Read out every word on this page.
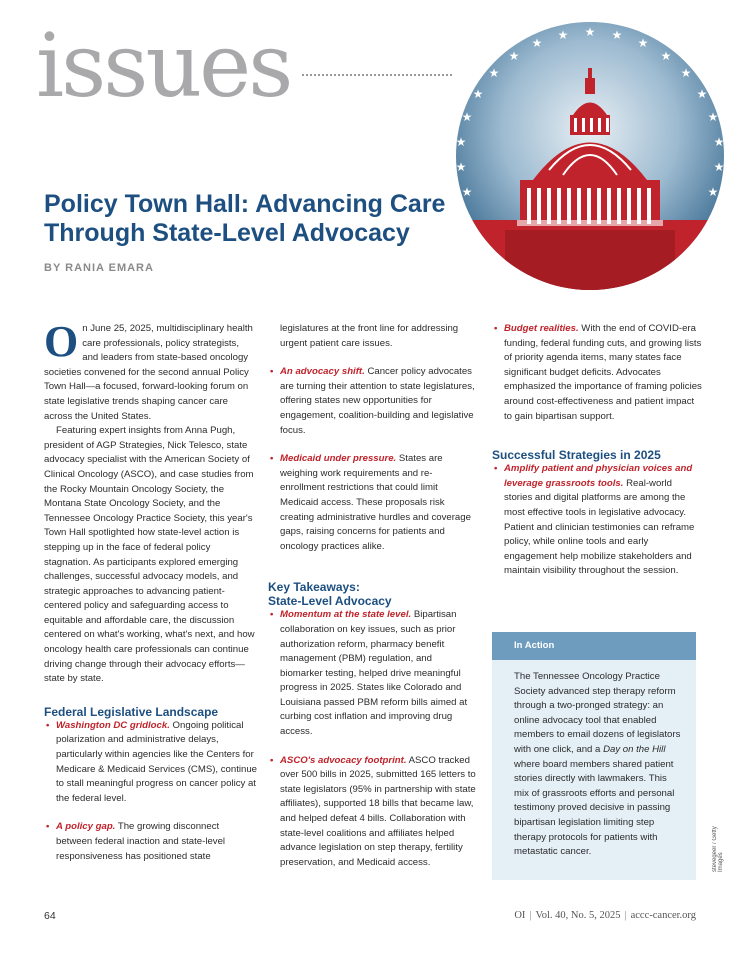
issues	★ ★
★
★
★
★
★
★
★
★
★
★
★
★
★
★
★
★
★
Policy Town Hall: Advancing Care Through State-Level Advocacy
BY RANIA EMARA

On June 25, 2025, multidisciplinary health care professionals, policy strategists, and leaders from state-based oncology societies convened for the second annual Policy Town Hall—a focused, forward-looking forum on state legislative trends shaping cancer care across the United States.

Featuring expert insights from Anna Pugh, president of AGP Strategies, Nick Telesco, state advocacy specialist with the American Society of Clinical Oncology (ASCO), and case studies from the Rocky Mountain Oncology Society, the Montana State Oncology Society, and the Tennessee Oncology Practice Society, this year's Town Hall spotlighted how state-level action is stepping up in the face of federal policy stagnation. As participants explored emerging challenges, successful advocacy models, and strategic approaches to advancing patient-centered policy and safeguarding access to equitable and affordable care, the discussion centered on what's working, what's next, and how oncology health care professionals can continue driving change through their advocacy efforts—state by state.

Federal Legislative Landscape
• Washington DC gridlock. Ongoing political polarization and administrative delays, particularly within agencies like the Centers for Medicare & Medicaid Services (CMS), continue to stall meaningful progress on cancer policy at the federal level.
• A policy gap. The growing disconnect between federal inaction and state-level responsiveness has positioned state

legislatures at the front line for addressing urgent patient care issues.

• An advocacy shift. Cancer policy advocates are turning their attention to state legislatures, offering states new opportunities for engagement, coalition-building and legislative focus.
• Medicaid under pressure. States are weighing work requirements and re-enrollment restrictions that could limit Medicaid access. These proposals risk creating administrative hurdles and coverage gaps, raising concerns for patients and oncology practices alike.
Key Takeaways:
State-Level Advocacy
• Momentum at the state level. Bipartisan collaboration on key issues, such as prior authorization reform, pharmacy benefit management (PBM) regulation, and biomarker testing, helped drive meaningful progress in 2025. States like Colorado and Louisiana passed PBM reform bills aimed at curbing cost inflation and improving drug access.
• ASCO's advocacy footprint. ASCO tracked over 500 bills in 2025, submitted 165 letters to state legislators (95% in partnership with state affiliates), supported 18 bills that became law, and helped defeat 4 bills. Collaboration with state-level coalitions and affiliates helped advance legislation on step therapy, fertility preservation, and Medicaid access.
• Budget realities. With the end of COVID-era funding, federal funding cuts, and growing lists of priority agenda items, many states face significant budget deficits. Advocates emphasized the importance of framing policies around cost-effectiveness and patient impact to gain bipartisan support.
Successful Strategies in 2025
• Amplify patient and physician voices and leverage grassroots tools. Real-world stories and digital platforms are among the most effective tools in legislative advocacy. Patient and clinician testimonies can reframe policy, while online tools and early engagement help mobilize stakeholders and maintain visibility throughout the session.
In Action
The Tennessee Oncology Practice Society advanced step therapy reform through a two-pronged strategy: an online advocacy tool that enabled members to email dozens of legislators with one click, and a Day on the Hill where board members shared patient stories directly with lawmakers. This mix of grassroots efforts and personal testimony proved decisive in passing bipartisan legislation limiting step therapy protocols for patients with metastatic cancer.	stevegeer / Getty Images
64	OI | Vol. 40, No. 5, 2025 | accc-cancer.org
